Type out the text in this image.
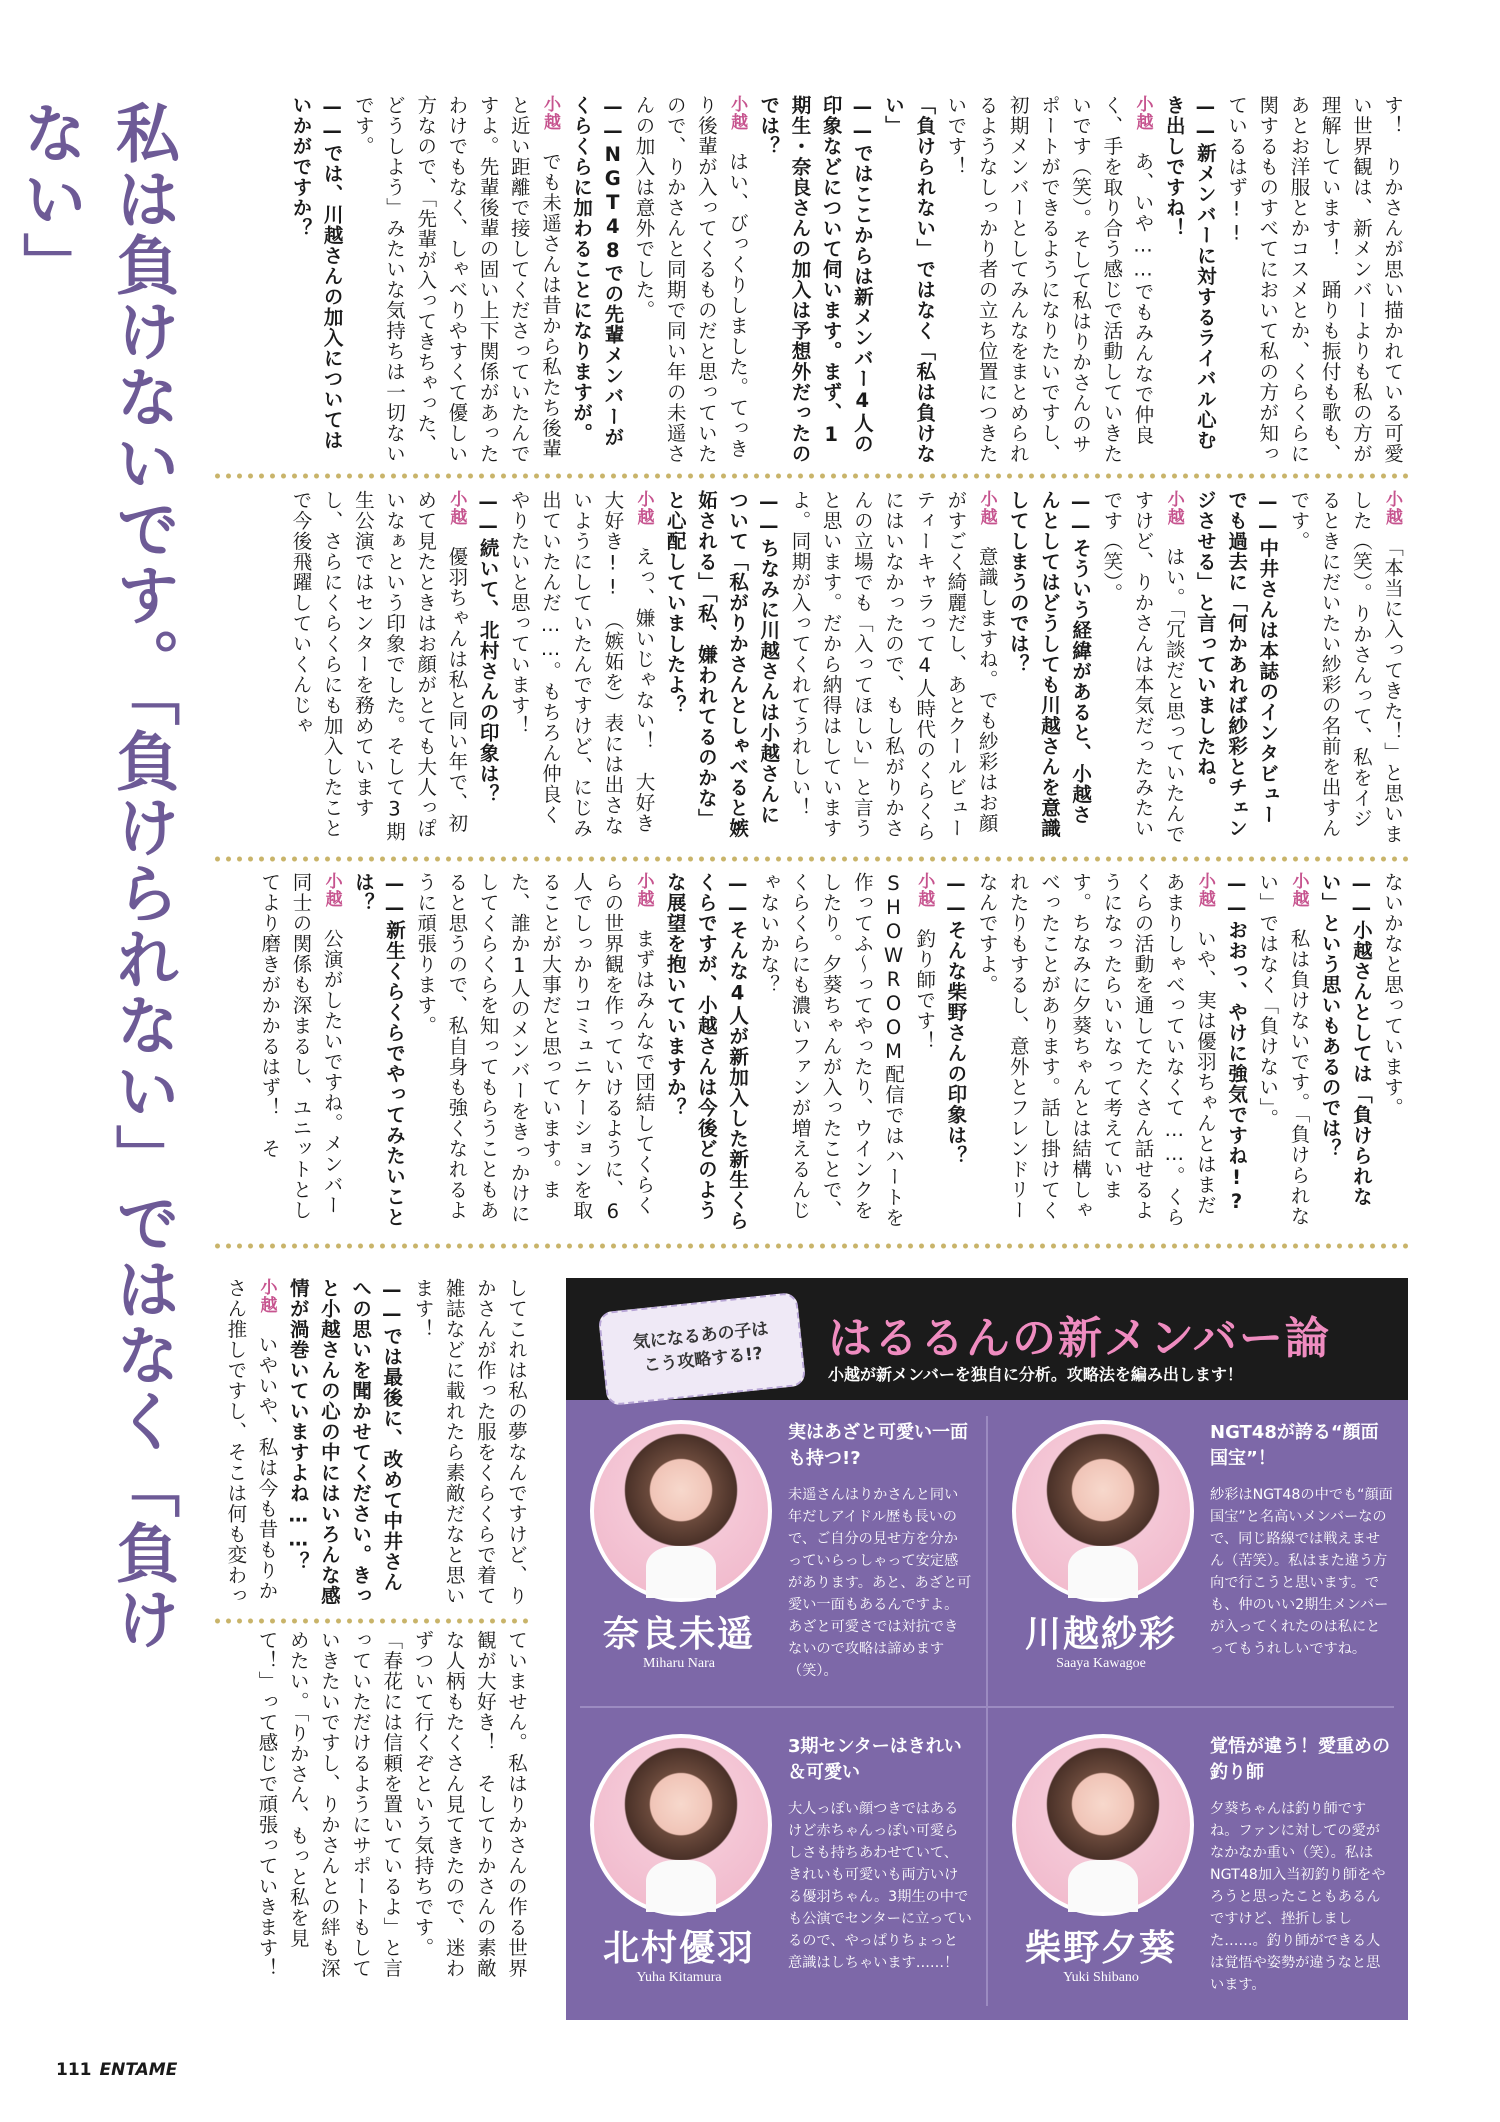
私は負けないです。「負けられない」ではなく「負けない」	す！　りかさんが思い描かれている可愛い世界観は、新メンバーよりも私の方が理解しています！　踊りも振付も歌も、あとお洋服とかコスメとか、くらくらに関するものすべてにおいて私の方が知っているはず!!

——新メンバーに対するライバル心むき出しですね！

小越　あ、いや……でもみんなで仲良く、手を取り合う感じで活動していきたいです（笑）。そして私はりかさんのサポートができるようになりたいですし、初期メンバーとしてみんなをまとめられるようなしっかり者の立ち位置につきたいです！

「負けられない」ではなく「私は負けない」

——ではここからは新メンバー4人の印象などについて伺います。まず、1期生・奈良さんの加入は予想外だったのでは？

小越　はい、びっくりしました。てっきり後輩が入ってくるものだと思っていたので、りかさんと同期で同い年の未遥さんの加入は意外でした。

——NGT48での先輩メンバーがくらくらに加わることになりますが。

小越　でも未遥さんは昔から私たち後輩と近い距離で接してくださっていたんですよ。先輩後輩の固い上下関係があったわけでもなく、しゃべりやすくて優しい方なので、「先輩が入ってきちゃった、どうしよう」みたいな気持ちは一切ないです。

——では、川越さんの加入についてはいかがですか？

小越　「本当に入ってきた！」と思いました（笑）。りかさんって、私をイジるときにだいたい紗彩の名前を出すんです。

——中井さんは本誌のインタビューでも過去に「何かあれば紗彩とチェンジさせる」と言っていましたね。

小越　はい。「冗談だと思っていたんですけど、りかさんは本気だったみたいです（笑）。

——そういう経緯があると、小越さんとしてはどうしても川越さんを意識してしまうのでは？

小越　意識しますね。でも紗彩はお顔がすごく綺麗だし、あとクールビューティーキャラって4人時代のくらくらにはいなかったので、もし私がりかさんの立場でも「入ってほしい」と言うと思います。だから納得はしていますよ。同期が入ってくれてうれしい！

——ちなみに川越さんは小越さんについて「私がりかさんとしゃべると嫉妬される」「私、嫌われてるのかな」と心配していましたよ？

小越　えっ、嫌いじゃない！　大好き大好き!!　（嫉妬を）表には出さないようにしていたんですけど、にじみ出ていたんだ……。もちろん仲良くやりたいと思っています！

——続いて、北村さんの印象は？

小越　優羽ちゃんは私と同い年で、初めて見たときはお顔がとても大人っぽいなぁという印象でした。そして3期生公演ではセンターを務めていますし、さらにくらくらにも加入したことで今後飛躍していくんじゃ

ないかなと思っています。

——小越さんとしては「負けられない」という思いもあるのでは？

小越　私は負けないです。「負けられない」ではなく「負けない」。

——おおっ、やけに強気ですね!?

小越　いや、実は優羽ちゃんとはまだあまりしゃべっていなくて……。くらくらの活動を通してたくさん話せるようになったらいいなって考えています。ちなみに夕葵ちゃんとは結構しゃべったことがあります。話し掛けてくれたりもするし、意外とフレンドリーなんですよ。

——そんな柴野さんの印象は？

小越　釣り師です！　SHOWROOM配信ではハートを作ってふ～ってやったり、ウインクをしたり。夕葵ちゃんが入ったことで、くらくらにも濃いファンが増えるんじゃないかな？

——そんな4人が新加入した新生くらくらですが、小越さんは今後どのような展望を抱いていますか？

小越　まずはみんなで団結してくらくらの世界観を作っていけるように、6人でしっかりコミュニケーションを取ることが大事だと思っています。また、誰か1人のメンバーをきっかけにしてくらくらを知ってもらうこともあると思うので、私自身も強くなれるように頑張ります。

——新生くらくらでやってみたいことは？

小越　公演がしたいですね。メンバー同士の関係も深まるし、ユニットとしてより磨きがかかるはず！　そ

してこれは私の夢なんですけど、りかさんが作った服をくらくらで着て雑誌などに載れたら素敵だなと思います！

——では最後に、改めて中井さんへの思いを聞かせてください。きっと小越さんの心の中にはいろんな感情が渦巻いていますよね……？

小越　いやいや、私は今も昔もりかさん推しですし、そこは何も変わっ

ていません。私はりかさんの作る世界観が大好き！　そしてりかさんの素敵な人柄もたくさん見てきたので、迷わずついて行くぞという気持ちです。「春花には信頼を置いているよ」と言っていただけるようにサポートもしていきたいですし、りかさんとの絆も深めたい。「りかさん、もっと私を見て！」って感じで頑張っていきます！

気になるあの子は
こう攻略する!? はるるんの新メンバー論

小越が新メンバーを独自に分析。攻略法を編み出します！

奈良未遥

Miharu Nara

実はあざと可愛い一面も持つ!?

未遥さんはりかさんと同い年だしアイドル歴も長いので、ご自分の見せ方を分かっていらっしゃって安定感があります。あと、あざと可愛い一面もあるんですよ。あざと可愛さでは対抗できないので攻略は諦めます（笑）。

川越紗彩

Saaya Kawagoe

NGT48が誇る“顔面国宝”！

紗彩はNGT48の中でも“顔面国宝”と名高いメンバーなので、同じ路線では戦えません（苦笑）。私はまた違う方向で行こうと思います。でも、仲のいい2期生メンバーが入ってくれたのは私にとってもうれしいですね。

北村優羽

Yuha Kitamura

3期センターはきれい＆可愛い

大人っぽい顔つきではあるけど赤ちゃんっぽい可愛らしさも持ちあわせていて、きれいも可愛いも両方いける優羽ちゃん。3期生の中でも公演でセンターに立っているので、やっぱりちょっと意識はしちゃいます……！	柴野夕葵

Yuki Shibano

覚悟が違う！愛重めの釣り師

夕葵ちゃんは釣り師ですね。ファンに対しての愛がなかなか重い（笑）。私はNGT48加入当初釣り師をやろうと思ったこともあるんですけど、挫折しました……。釣り師ができる人は覚悟や姿勢が違うなと思います。

111 ENTAME
